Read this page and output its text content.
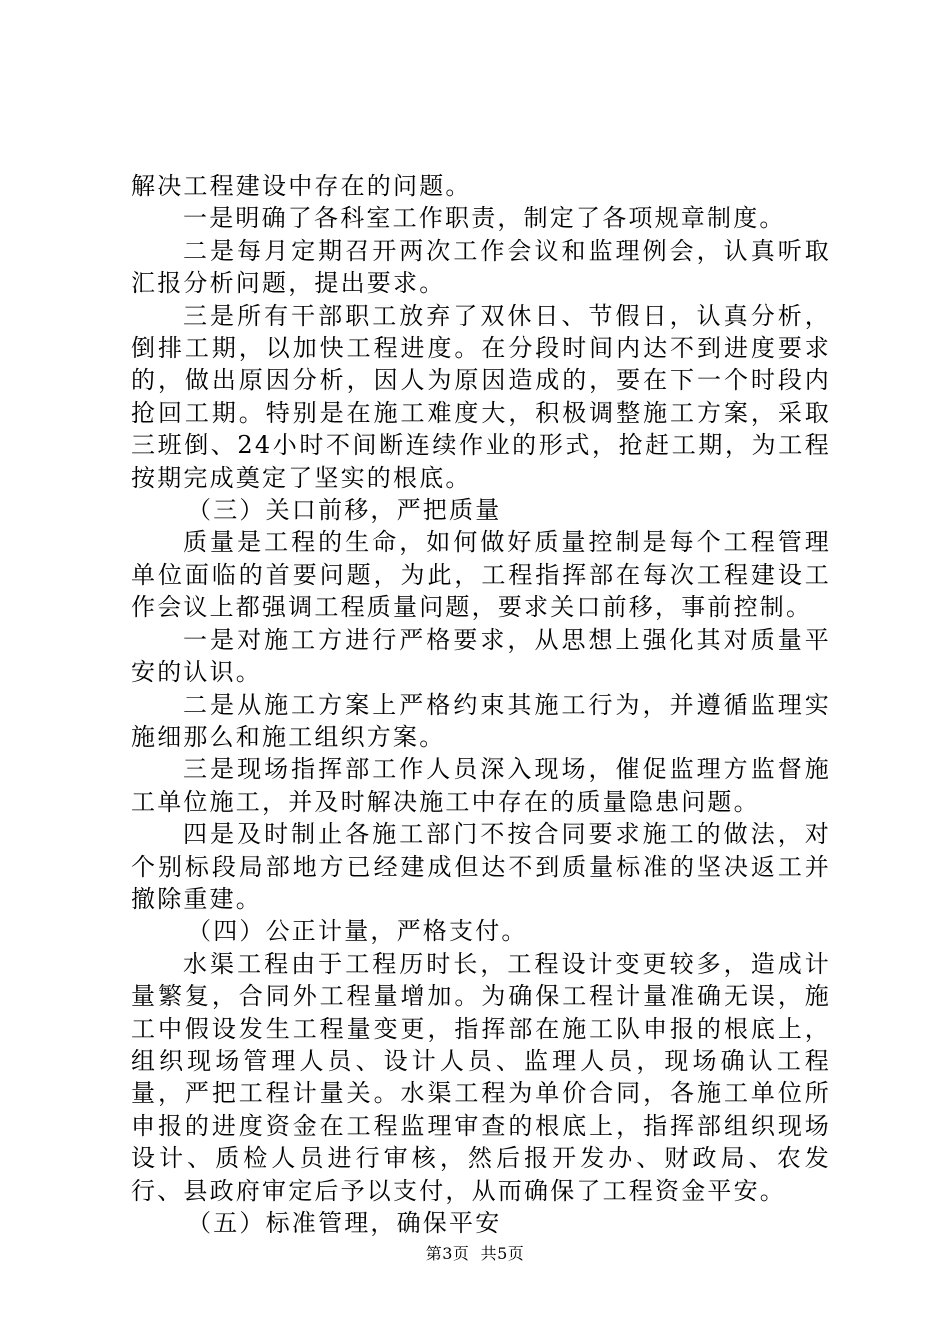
解决工程建设中存在的问题。

一是明确了各科室工作职责，制定了各项规章制度。

二是每月定期召开两次工作会议和监理例会，认真听取汇报分析问题，提出要求。

三是所有干部职工放弃了双休日、节假日，认真分析，倒排工期，以加快工程进度。在分段时间内达不到进度要求的，做出原因分析，因人为原因造成的，要在下一个时段内抢回工期。特别是在施工难度大，积极调整施工方案，采取三班倒、24小时不间断连续作业的形式，抢赶工期，为工程按期完成奠定了坚实的根底。

（三）关口前移，严把质量

质量是工程的生命，如何做好质量控制是每个工程管理单位面临的首要问题，为此，工程指挥部在每次工程建设工作会议上都强调工程质量问题，要求关口前移，事前控制。

一是对施工方进行严格要求，从思想上强化其对质量平安的认识。

二是从施工方案上严格约束其施工行为，并遵循监理实施细那么和施工组织方案。

三是现场指挥部工作人员深入现场，催促监理方监督施工单位施工，并及时解决施工中存在的质量隐患问题。

四是及时制止各施工部门不按合同要求施工的做法，对个别标段局部地方已经建成但达不到质量标准的坚决返工并撤除重建。

（四）公正计量，严格支付。

水渠工程由于工程历时长，工程设计变更较多，造成计量繁复，合同外工程量增加。为确保工程计量准确无误，施工中假设发生工程量变更，指挥部在施工队申报的根底上，组织现场管理人员、设计人员、监理人员，现场确认工程量，严把工程计量关。水渠工程为单价合同，各施工单位所申报的进度资金在工程监理审查的根底上，指挥部组织现场设计、质检人员进行审核，然后报开发办、财政局、农发行、县政府审定后予以支付，从而确保了工程资金平安。

（五）标准管理，确保平安

第3页  共5页
